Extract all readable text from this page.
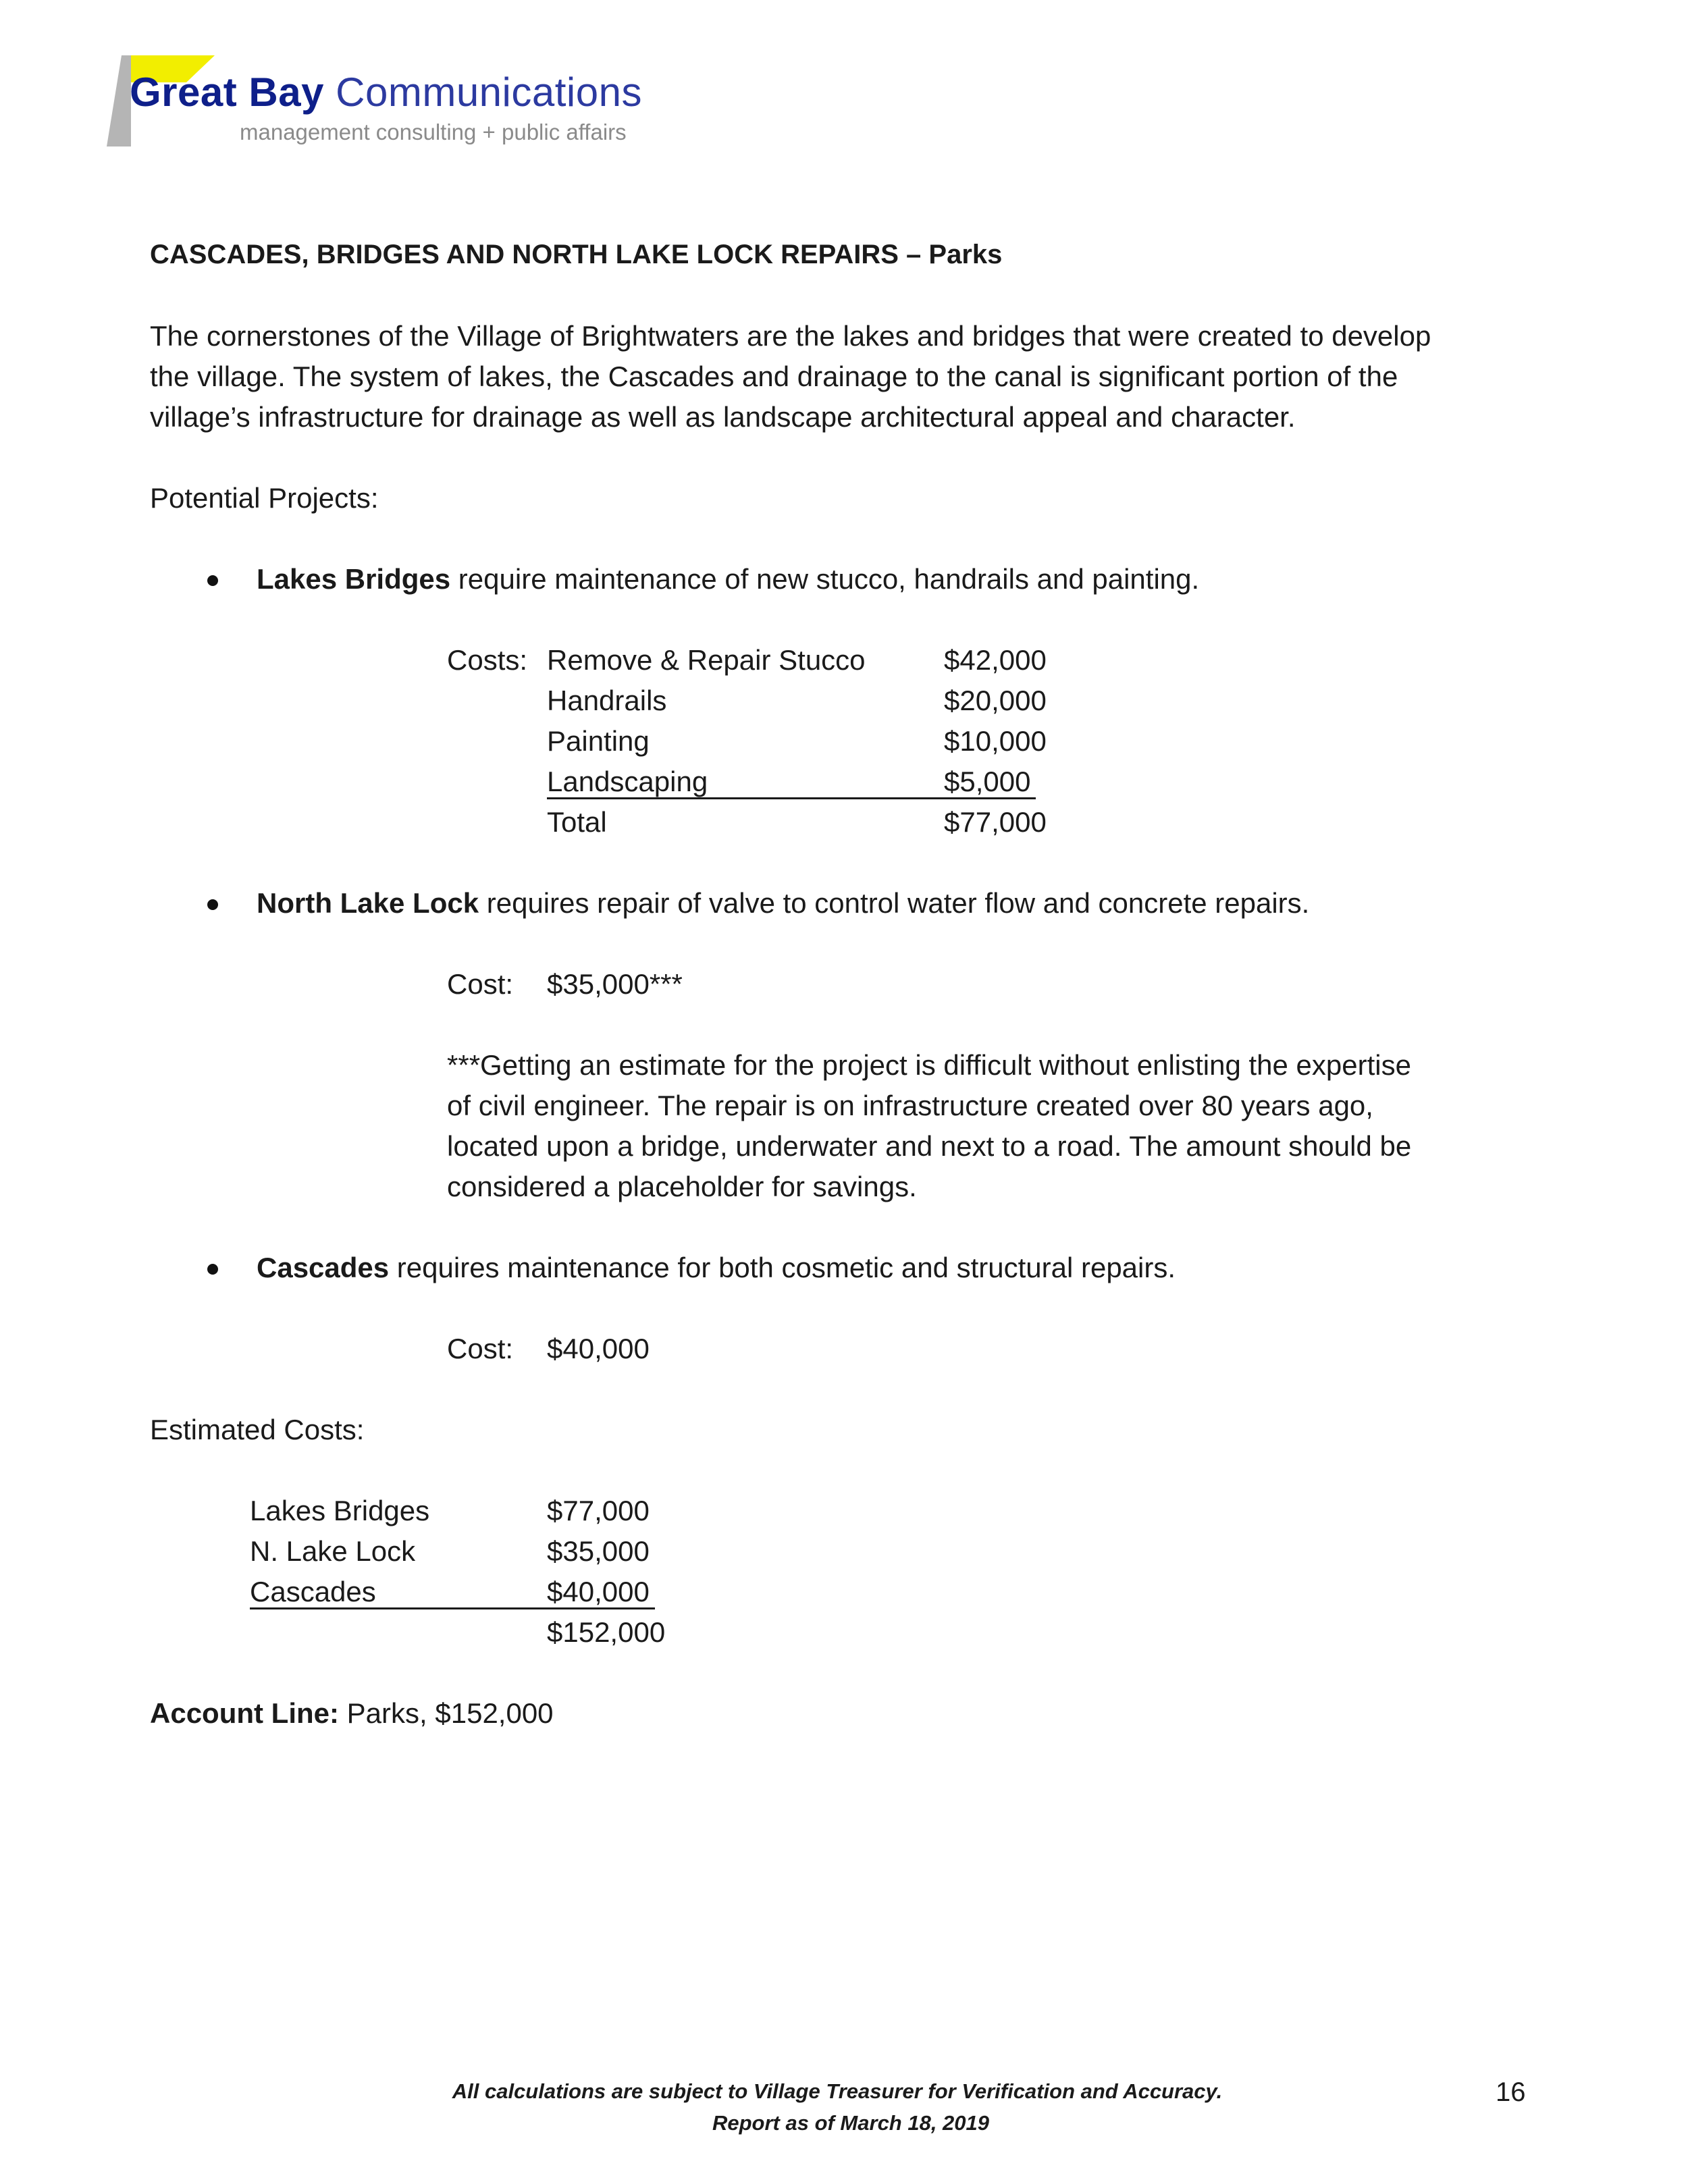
Great Bay Communications
management consulting + public affairs
CASCADES, BRIDGES AND NORTH LAKE LOCK REPAIRS – Parks
The cornerstones of the Village of Brightwaters are the lakes and bridges that were created to develop
the village. The system of lakes, the Cascades and drainage to the canal is significant portion of the
village’s infrastructure for drainage as well as landscape architectural appeal and character.
Potential Projects:
Lakes Bridges require maintenance of new stucco, handrails and painting.
Costs: Remove & Repair Stucco	$42,000
Handrails	$20,000
Painting	$10,000
Landscaping	$5,000
Total	$77,000
North Lake Lock requires repair of valve to control water flow and concrete repairs.
Cost: $35,000***
***Getting an estimate for the project is difficult without enlisting the expertise
of civil engineer. The repair is on infrastructure created over 80 years ago,
located upon a bridge, underwater and next to a road. The amount should be
considered a placeholder for savings.
Cascades requires maintenance for both cosmetic and structural repairs.
Cost: $40,000
Estimated Costs:
Lakes Bridges	$77,000
N. Lake Lock	$35,000
Cascades	$40,000
$152,000
Account Line: Parks, $152,000
All calculations are subject to Village Treasurer for Verification and Accuracy.
Report as of March 18, 2019
16
